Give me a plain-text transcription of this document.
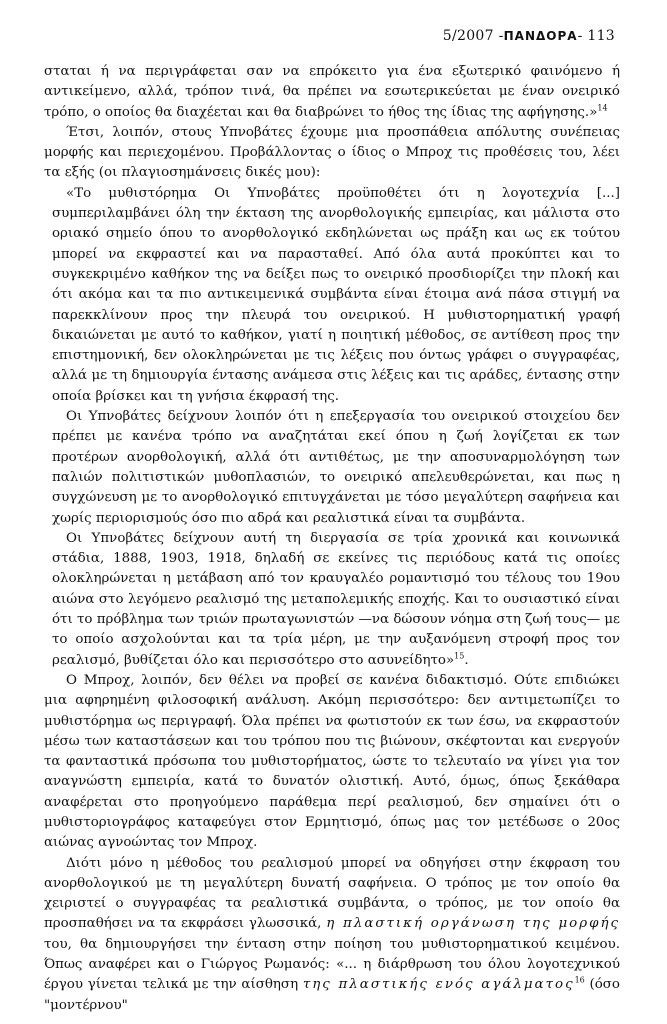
5/2007 -ΠΑΝΔΟΡΑ- 113

σταται ή να περιγράφεται σαν να επρόκειτο για ένα εξωτερικό φαινόμενο ή αντικείμενο, αλλά, τρόπον τινά, θα πρέπει να εσωτερικεύεται με έναν ονειρικό τρόπο, ο οποίος θα διαχέεται και θα διαβρώνει το ήθος της ίδιας της αφήγησης.»$^{14}$

Έτσι, λοιπόν, στους Υπνοβάτες έχουμε μια προσπάθεια απόλυτης συνέπειας μορφής και περιεχομένου. Προβάλλοντας ο ίδιος ο Μπροχ τις προθέσεις του, λέει τα εξής (οι πλαγιοσημάνσεις δικές μου):

«Το μυθιστόρημα Οι Υπνοβάτες προϋποθέτει ότι η λογοτεχνία [...] συμπεριλαμβάνει όλη την έκταση της ανορθολογικής εμπειρίας, και μάλιστα στο οριακό σημείο όπου το ανορθολογικό εκδηλώνεται ως πράξη και ως εκ τούτου μπορεί να εκφραστεί και να παρασταθεί. Από όλα αυτά προκύπτει και το συγκεκριμένο καθήκον της να δείξει πως το ονειρικό προσδιορίζει την πλοκή και ότι ακόμα και τα πιο αντικειμενικά συμβάντα είναι έτοιμα ανά πάσα στιγμή να παρεκκλίνουν προς την πλευρά του ονειρικού. Η μυθιστορηματική γραφή δικαιώνεται με αυτό το καθήκον, γιατί η ποιητική μέθοδος, σε αντίθεση προς την επιστημονική, δεν ολοκληρώνεται με τις λέξεις που όντως γράφει ο συγγραφέας, αλλά με τη δημιουργία έντασης ανάμεσα στις λέξεις και τις αράδες, έντασης στην οποία βρίσκει και τη γνήσια έκφρασή της.

Οι Υπνοβάτες δείχνουν λοιπόν ότι η επεξεργασία του ονειρικού στοιχείου δεν πρέπει με κανένα τρόπο να αναζητάται εκεί όπου η ζωή λογίζεται εκ των προτέρων ανορθολογική, αλλά ότι αντιθέτως, με την αποσυναρμολόγηση των παλιών πολιτιστικών μυθοπλασιών, το ονειρικό απελευθερώνεται, και πως η συγχώνευση με το ανορθολογικό επιτυγχάνεται με τόσο μεγαλύτερη σαφήνεια και χωρίς περιορισμούς όσο πιο αδρά και ρεαλιστικά είναι τα συμβάντα.

Οι Υπνοβάτες δείχνουν αυτή τη διεργασία σε τρία χρονικά και κοινωνικά στάδια, 1888, 1903, 1918, δηλαδή σε εκείνες τις περιόδους κατά τις οποίες ολοκληρώνεται η μετάβαση από τον κραυγαλέο ρομαντισμό του τέλους του 19ου αιώνα στο λεγόμενο ρεαλισμό της μεταπολεμικής εποχής. Και το ουσιαστικό είναι ότι το πρόβλημα των τριών πρωταγωνιστών —να δώσουν νόημα στη ζωή τους— με το οποίο ασχολούνται και τα τρία μέρη, με την αυξανόμενη στροφή προς τον ρεαλισμό, βυθίζεται όλο και περισσότερο στο ασυνείδητο»$^{15}$.

Ο Μπροχ, λοιπόν, δεν θέλει να προβεί σε κανένα διδακτισμό. Ούτε επιδιώκει μια αφηρημένη φιλοσοφική ανάλυση. Ακόμη περισσότερο: δεν αντιμετωπίζει το μυθιστόρημα ως περιγραφή. Όλα πρέπει να φωτιστούν εκ των έσω, να εκφραστούν μέσω των καταστάσεων και του τρόπου που τις βιώνουν, σκέφτονται και ενεργούν τα φανταστικά πρόσωπα του μυθιστορήματος, ώστε το τελευταίο να γίνει για τον αναγνώστη εμπειρία, κατά το δυνατόν ολιστική. Αυτό, όμως, όπως ξεκάθαρα αναφέρεται στο προηγούμενο παράθεμα περί ρεαλισμού, δεν σημαίνει ότι ο μυθιστοριογράφος καταφεύγει στον Ερμητισμό, όπως μας τον μετέδωσε ο 20ος αιώνας αγνοώντας τον Μπροχ.

Διότι μόνο η μέθοδος του ρεαλισμού μπορεί να οδηγήσει στην έκφραση του ανορθολογικού με τη μεγαλύτερη δυνατή σαφήνεια. Ο τρόπος με τον οποίο θα χειριστεί ο συγγραφέας τα ρεαλιστικά συμβάντα, ο τρόπος, με τον οποίο θα προσπαθήσει να τα εκφράσει γλωσσικά, η πλαστική οργάνωση της μορφής του, θα δημιουργήσει την ένταση στην ποίηση του μυθιστορηματικού κειμένου. Όπως αναφέρει και ο Γιώργος Ρωμανός: «... η διάρθρωση του όλου λογοτεχνικού έργου γίνεται τελικά με την αίσθηση της πλαστικής ενός αγάλματος$^{16}$ (όσο "μοντέρνου"
